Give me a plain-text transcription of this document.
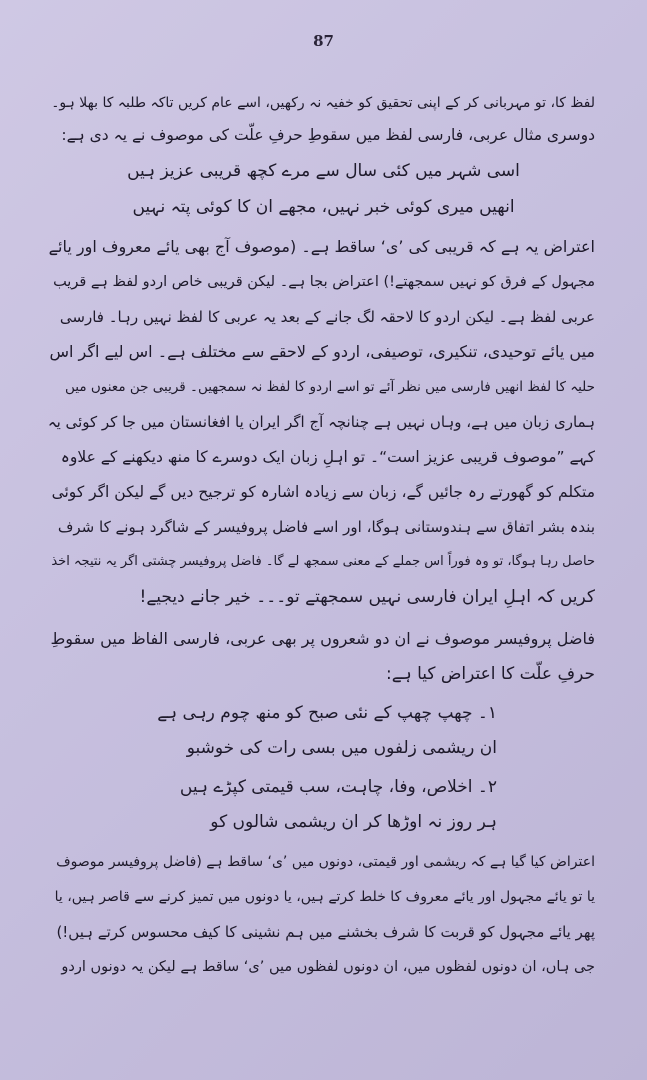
87
لفظ کا، تو مہربانی کر کے اپنی تحقیق کو خفیہ نہ رکھیں، اسے عام کریں تاکہ طلبہ کا بھلا ہو۔
دوسری مثال عربی، فارسی لفظ میں سقوطِ حرفِ علّت کی موصوف نے یہ دی ہے:
اسی شہر میں کئی سال سے مرے کچھ قریبی عزیز ہیں
انھیں میری کوئی خبر نہیں، مجھے ان کا کوئی پتہ نہیں
اعتراض یہ ہے کہ قریبی کی ’ی‘ ساقط ہے۔ (موصوف آج بھی یائے معروف اور یائے
مجہول کے فرق کو نہیں سمجھتے!) اعتراض بجا ہے۔ لیکن قریبی خاص اردو لفظ ہے قریب
عربی لفظ ہے۔ لیکن اردو کا لاحقہ لگ جانے کے بعد یہ عربی کا لفظ نہیں رہا۔ فارسی
میں یائے توحیدی، تنکیری، توصیفی، اردو کے لاحقے سے مختلف ہے۔ اس لیے اگر اس
حلیہ کا لفظ انھیں فارسی میں نظر آئے تو اسے اردو کا لفظ نہ سمجھیں۔ قریبی جن معنوں میں
ہماری زبان میں ہے، وہاں نہیں ہے چنانچہ آج اگر ایران یا افغانستان میں جا کر کوئی یہ
کہے ”موصوف قریبی عزیز است“۔ تو اہلِ زبان ایک دوسرے کا منھ دیکھنے کے علاوہ
متکلم کو گھورتے رہ جائیں گے، زبان سے زیادہ اشارہ کو ترجیح دیں گے لیکن اگر کوئی
بندہ بشر اتفاق سے ہندوستانی ہوگا، اور اسے فاضل پروفیسر کے شاگرد ہونے کا شرف
حاصل رہا ہوگا، تو وہ فوراً اس جملے کے معنی سمجھ لے گا۔ فاضل پروفیسر چشتی اگر یہ نتیجہ اخذ
کریں کہ اہلِ ایران فارسی نہیں سمجھتے تو۔۔۔ خیر جانے دیجیے!
فاضل پروفیسر موصوف نے ان دو شعروں پر بھی عربی، فارسی الفاظ میں سقوطِ
حرفِ علّت کا اعتراض کیا ہے:
۱۔ چھپ چھپ کے نئی صبح کو منھ چوم رہی ہے
ان ریشمی زلفوں میں بسی رات کی خوشبو
۲۔ اخلاص، وفا، چاہت، سب قیمتی کپڑے ہیں
ہر روز نہ اوڑھا کر ان ریشمی شالوں کو
اعتراض کیا گیا ہے کہ ریشمی اور قیمتی، دونوں میں ’ی‘ ساقط ہے (فاضل پروفیسر موصوف
یا تو یائے مجہول اور یائے معروف کا خلط کرتے ہیں، یا دونوں میں تمیز کرنے سے قاصر ہیں، یا
پھر یائے مجہول کو قربت کا شرف بخشنے میں ہم نشینی کا کیف محسوس کرتے ہیں!)
جی ہاں، ان دونوں لفظوں میں، ان دونوں لفظوں میں ’ی‘ ساقط ہے لیکن یہ دونوں اردو
